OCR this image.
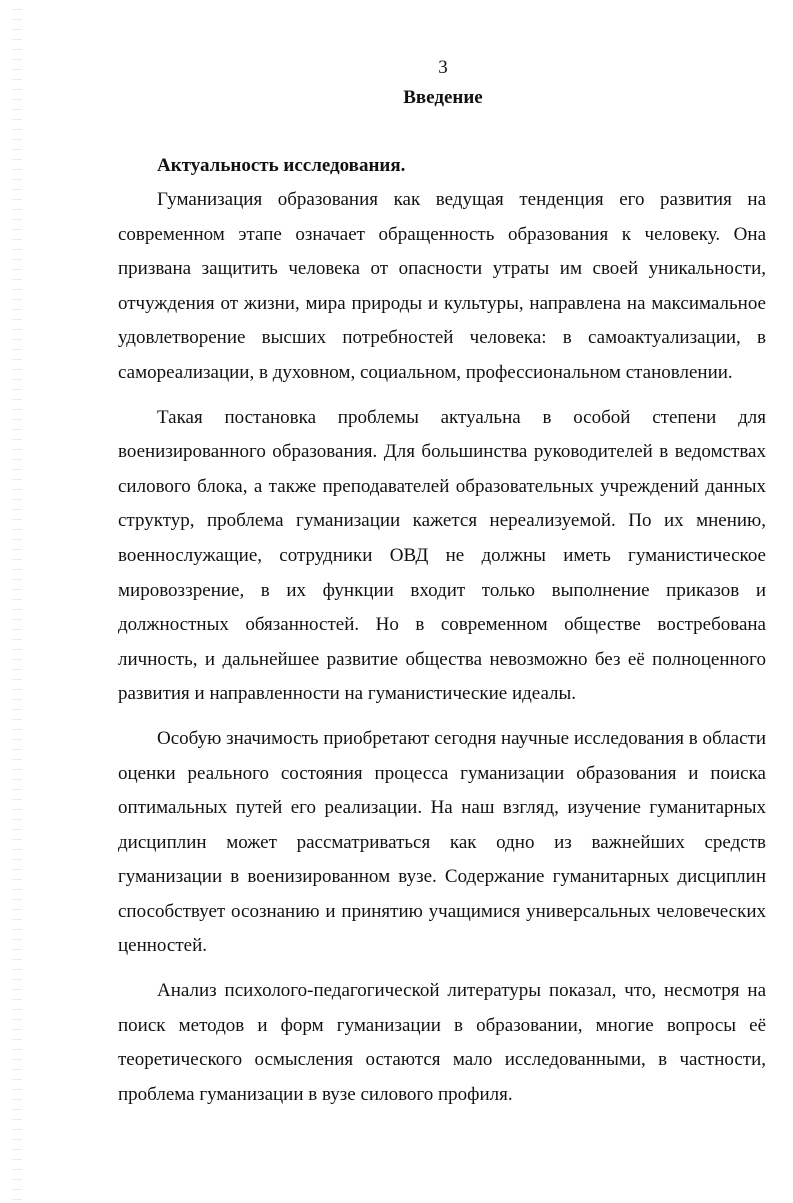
3
Введение
Актуальность исследования.

Гуманизация образования как ведущая тенденция его развития на современном этапе означает обращенность образования к человеку. Она призвана защитить человека от опасности утраты им своей уникальности, отчуждения от жизни, мира природы и культуры, направлена на максимальное удовлетворение высших потребностей человека: в самоактуализации, в самореализации, в духовном, социальном, профессиональном становлении.

Такая постановка проблемы актуальна в особой степени для военизированного образования. Для большинства руководителей в ведомствах силового блока, а также преподавателей образовательных учреждений данных структур, проблема гуманизации кажется нереализуемой. По их мнению, военнослужащие, сотрудники ОВД не должны иметь гуманистическое мировоззрение, в их функции входит только выполнение приказов и должностных обязанностей. Но в современном обществе востребована личность, и дальнейшее развитие общества невозможно без её полноценного развития и направленности на гуманистические идеалы.

Особую значимость приобретают сегодня научные исследования в области оценки реального состояния процесса гуманизации образования и поиска оптимальных путей его реализации. На наш взгляд, изучение гуманитарных дисциплин может рассматриваться как одно из важнейших средств гуманизации в военизированном вузе. Содержание гуманитарных дисциплин способствует осознанию и принятию учащимися универсальных человеческих ценностей.

Анализ психолого-педагогической литературы показал, что, несмотря на поиск методов и форм гуманизации в образовании, многие вопросы её теоретического осмысления остаются мало исследованными, в частности, проблема гуманизации в вузе силового профиля.
